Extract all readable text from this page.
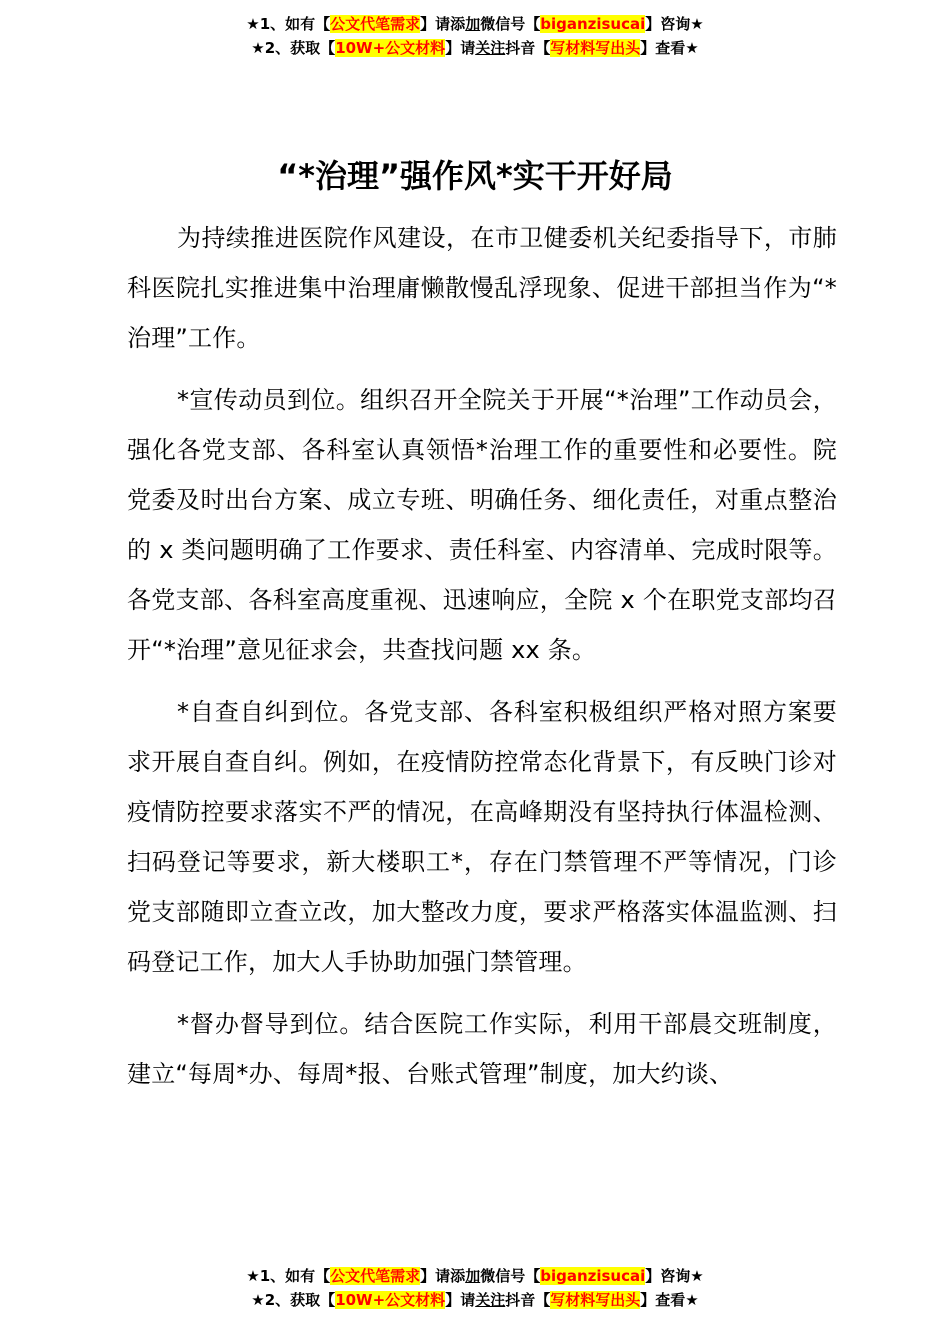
★1、如有【公文代笔需求】请添加微信号【biganzisucai】咨询★
★2、获取【10W+公文材料】请关注抖音【写材料写出头】查看★
“*治理”强作风*实干开好局

为持续推进医院作风建设，在市卫健委机关纪委指导下，市肺科医院扎实推进集中治理庸懒散慢乱浮现象、促进干部担当作为“*治理”工作。

*宣传动员到位。组织召开全院关于开展“*治理”工作动员会，强化各党支部、各科室认真领悟*治理工作的重要性和必要性。院党委及时出台方案、成立专班、明确任务、细化责任，对重点整治的 x 类问题明确了工作要求、责任科室、内容清单、完成时限等。各党支部、各科室高度重视、迅速响应，全院 x 个在职党支部均召开“*治理”意见征求会，共查找问题 xx 条。

*自查自纠到位。各党支部、各科室积极组织严格对照方案要求开展自查自纠。例如，在疫情防控常态化背景下，有反映门诊对疫情防控要求落实不严的情况，在高峰期没有坚持执行体温检测、扫码登记等要求，新大楼职工*，存在门禁管理不严等情况，门诊党支部随即立查立改，加大整改力度，要求严格落实体温监测、扫码登记工作，加大人手协助加强门禁管理。

*督办督导到位。结合医院工作实际，利用干部晨交班制度，建立“每周*办、每周*报、台账式管理”制度，加大约谈、

★1、如有【公文代笔需求】请添加微信号【biganzisucai】咨询★
★2、获取【10W+公文材料】请关注抖音【写材料写出头】查看★
